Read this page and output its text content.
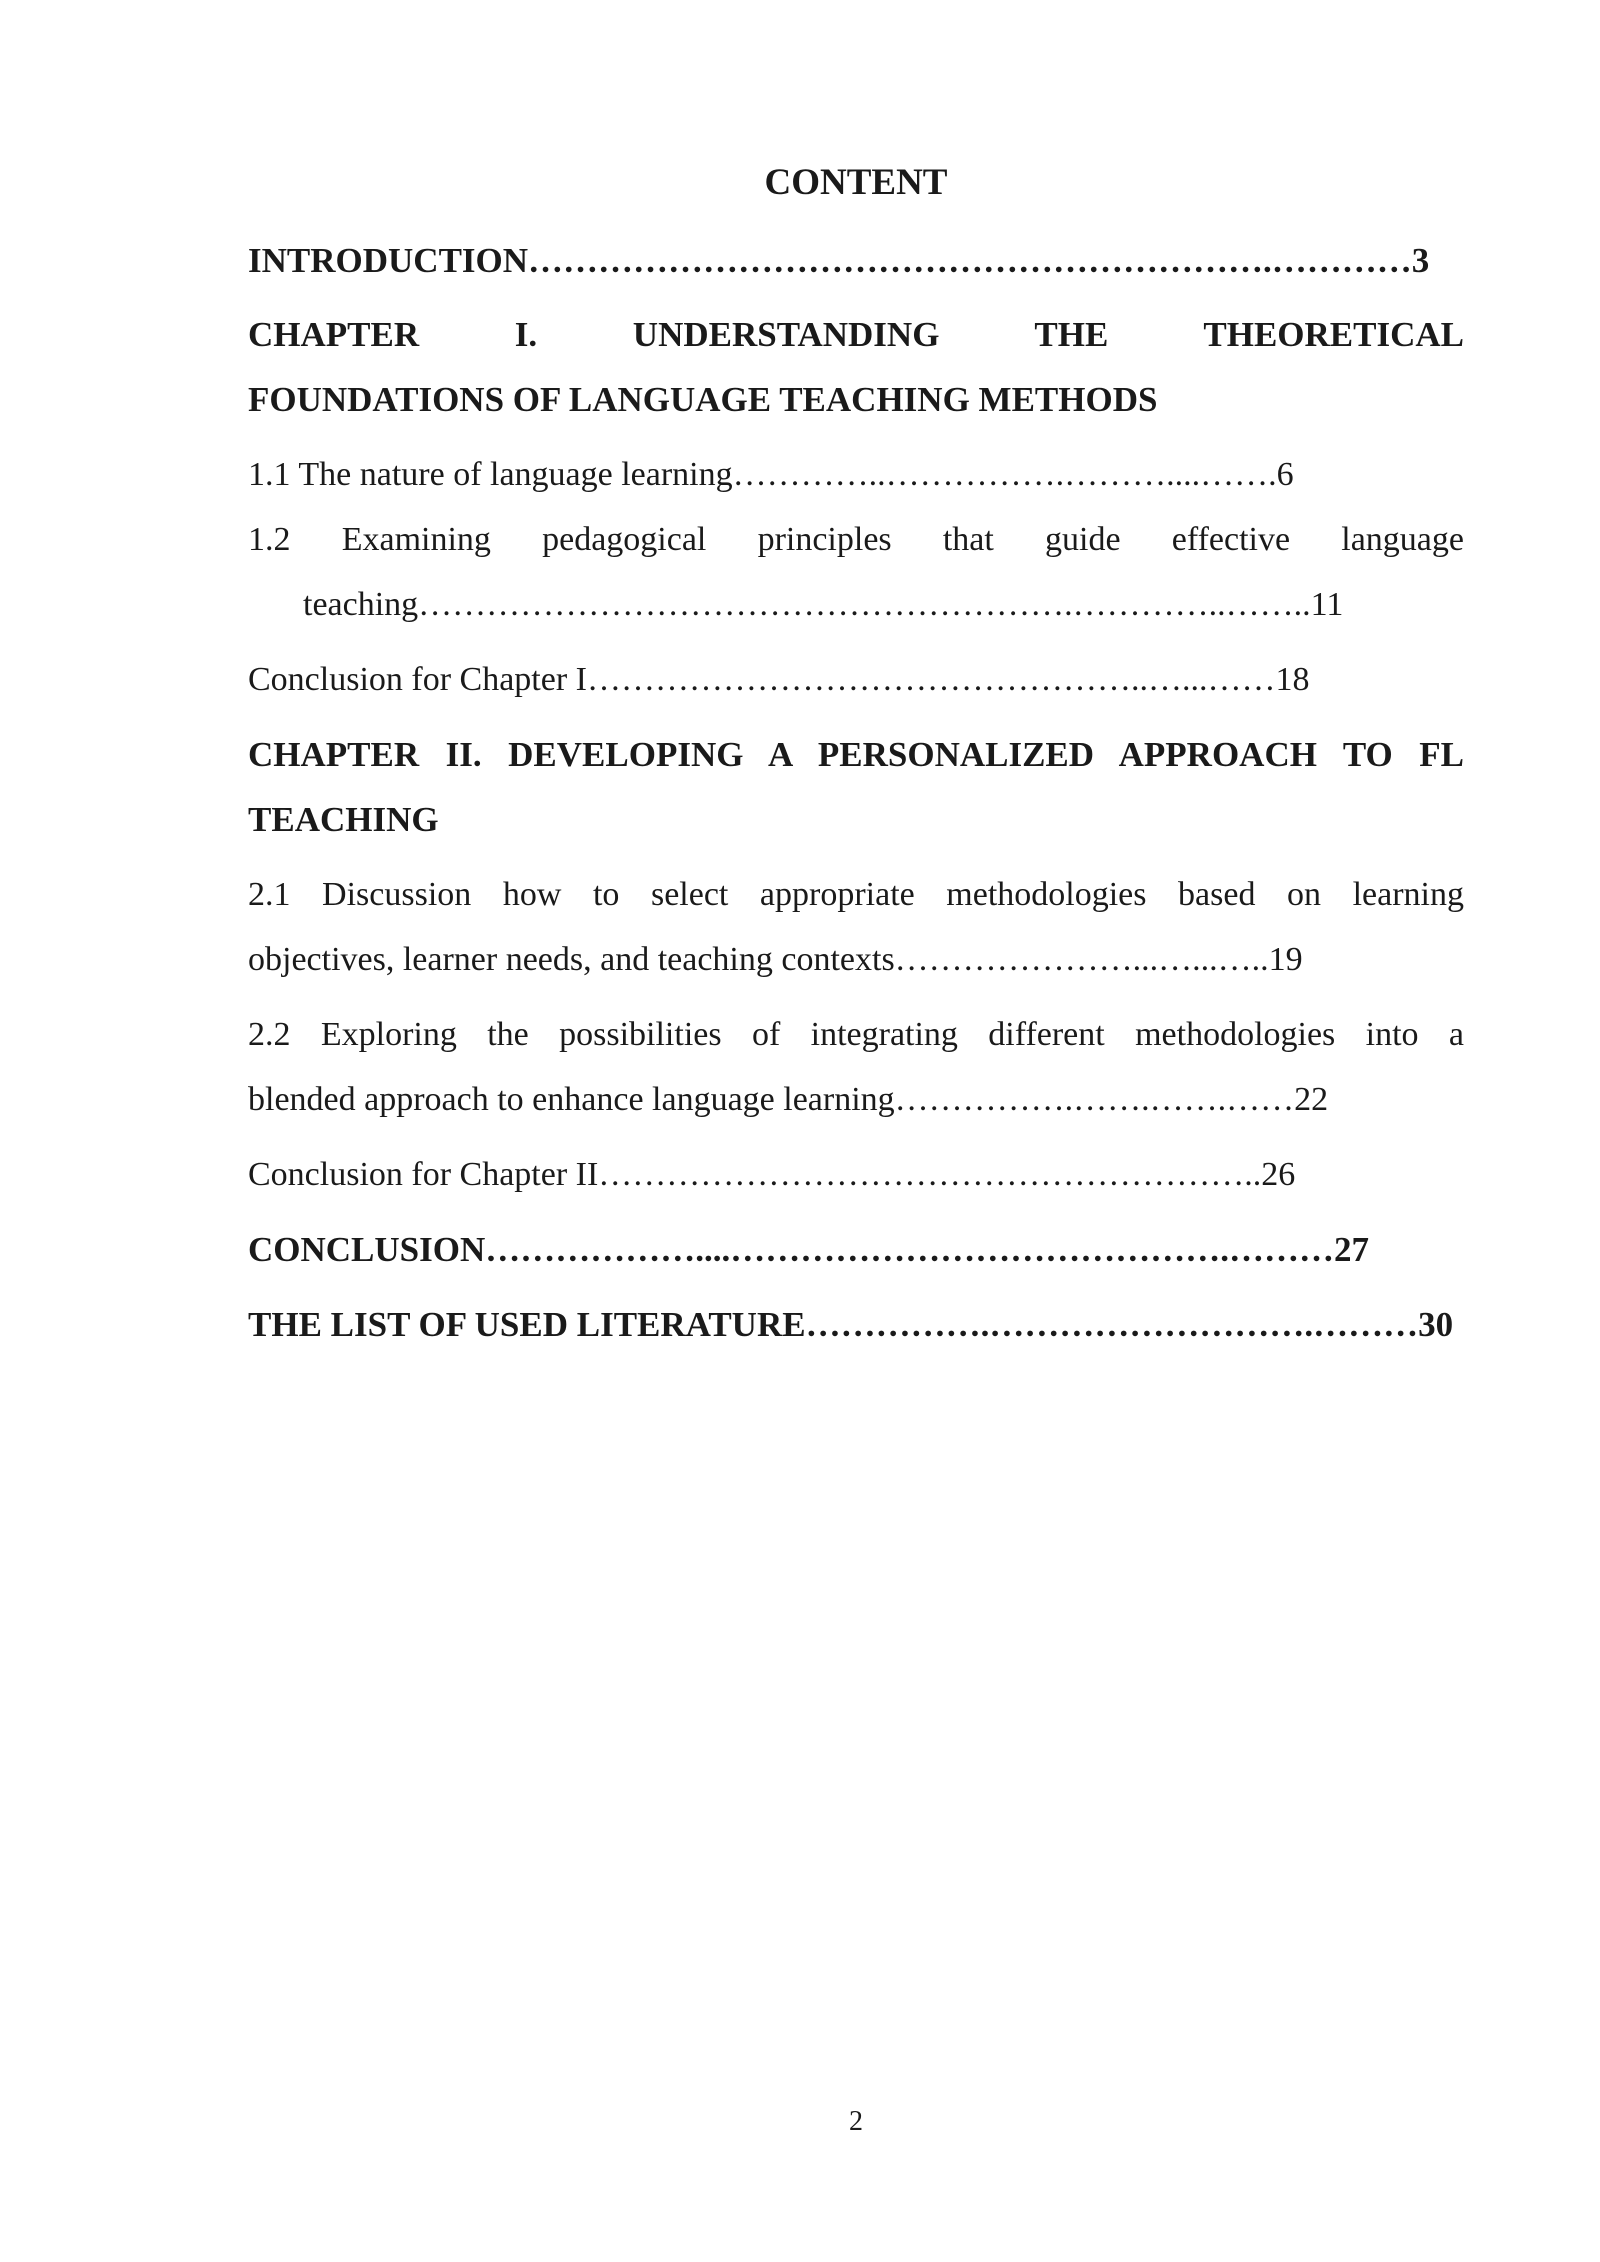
CONTENT
INTRODUCTION……………………………………………………….…………3
CHAPTER I. UNDERSTANDING THE THEORETICAL
FOUNDATIONS OF LANGUAGE TEACHING METHODS
1.1 The nature of language learning…………..…………….………....…….6
1.2 Examining pedagogical principles that guide effective language
teaching………………………………………………….…………..……..11
Conclusion for Chapter I…………………………………………..…...……18
CHAPTER II. DEVELOPING A PERSONALIZED APPROACH TO FL
TEACHING
2.1 Discussion how to select appropriate methodologies based on learning
objectives, learner needs, and teaching contexts…………………...…...…..19
2.2 Exploring the possibilities of integrating different methodologies into a
blended approach to enhance language learning…………….…….…….……22
Conclusion for Chapter II…………………………………………………..26
CONCLUSION………………....…………………………………….………27
THE LIST OF USED LITERATURE…………….……………………….………30
2
